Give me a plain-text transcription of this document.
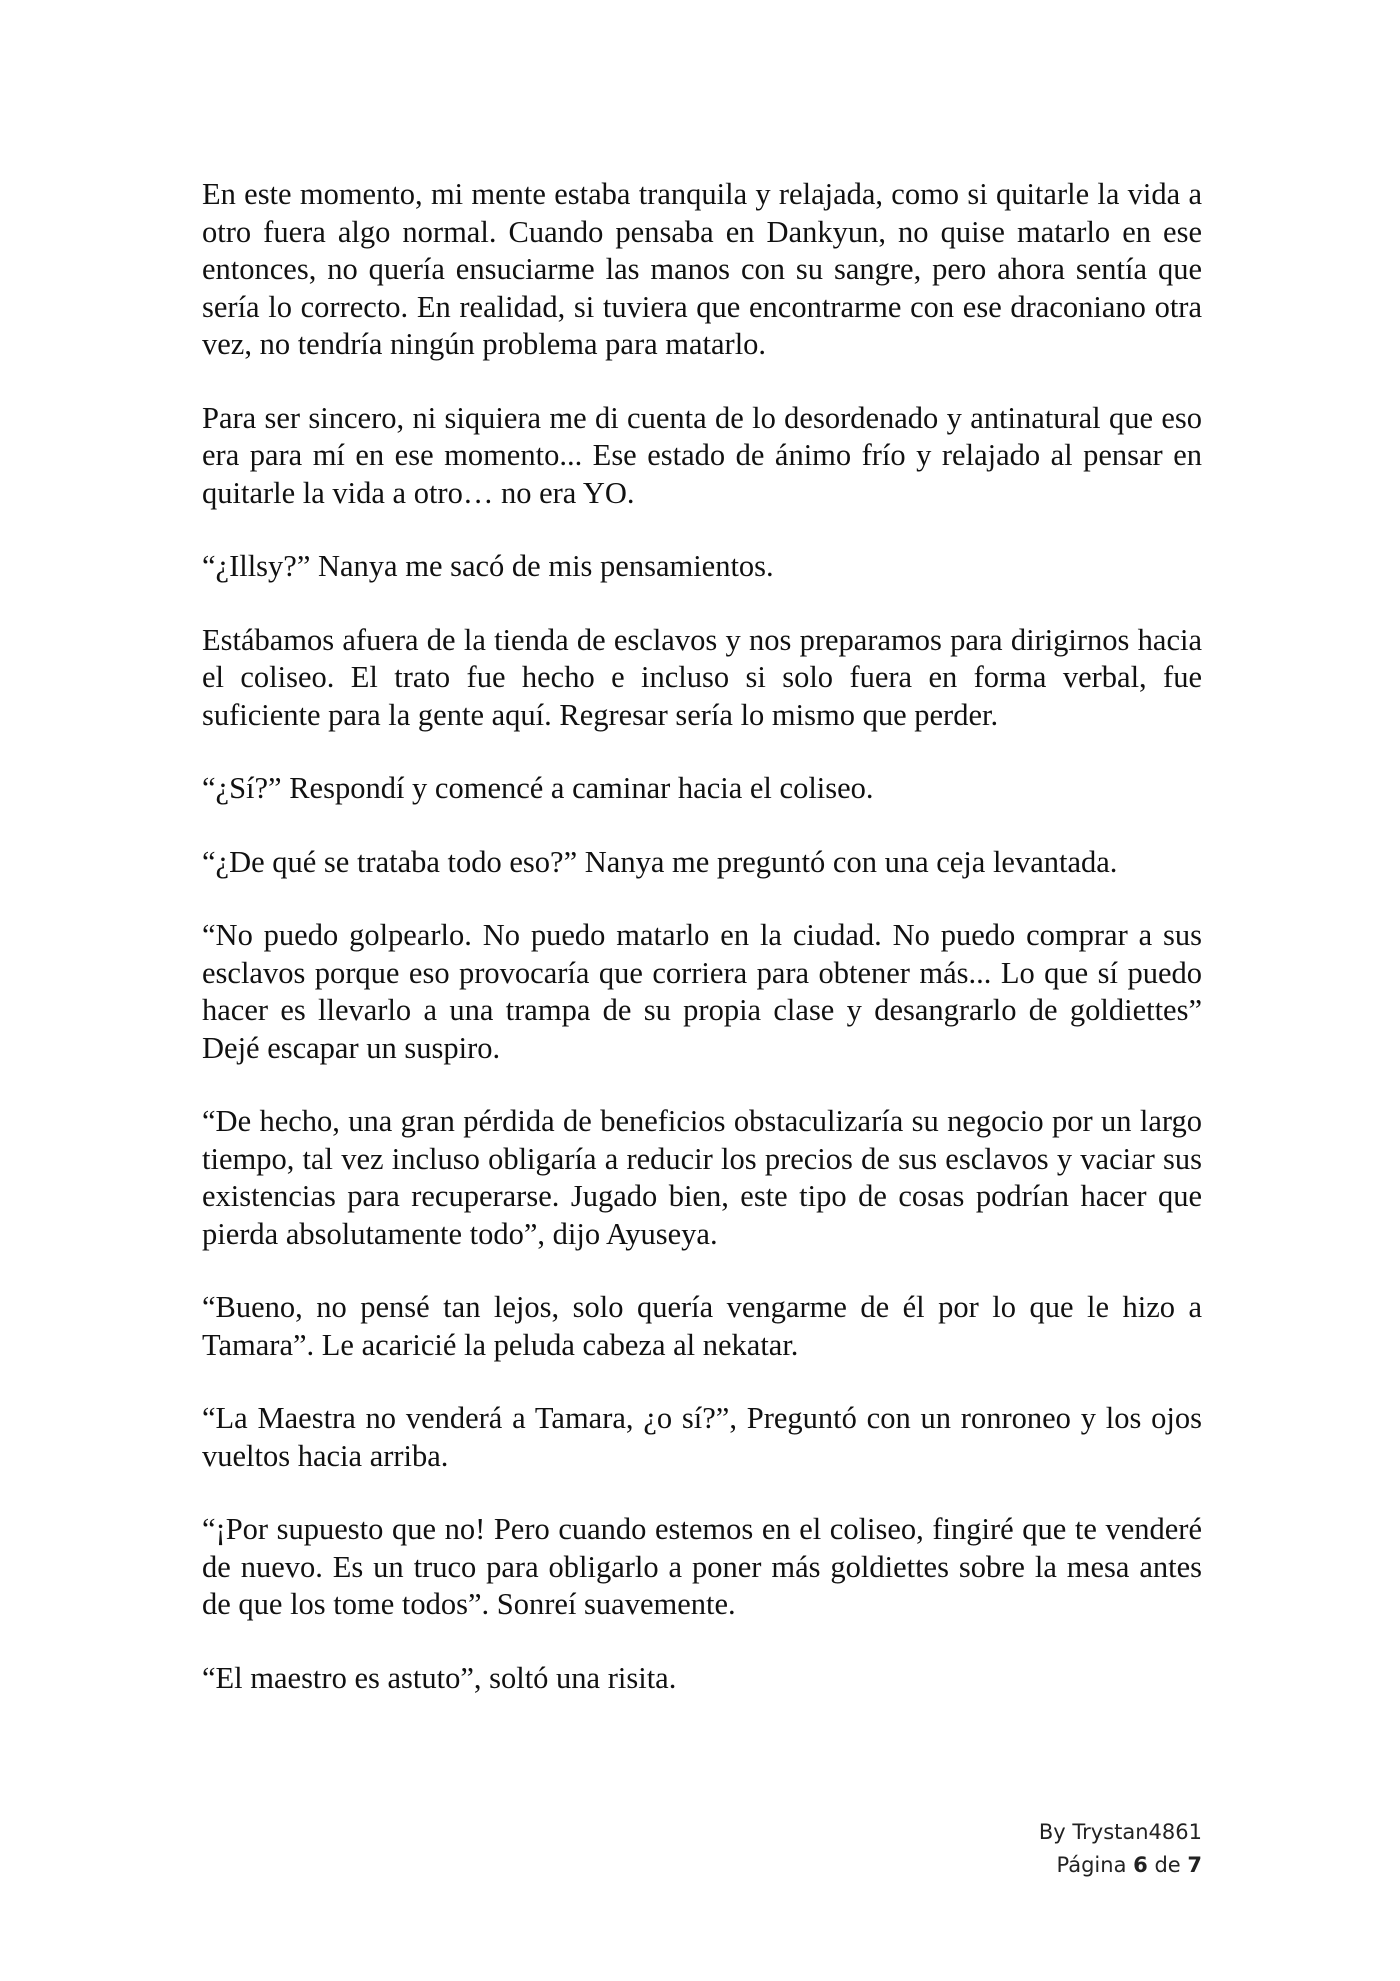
En este momento, mi mente estaba tranquila y relajada, como si quitarle la vida a otro fuera algo normal. Cuando pensaba en Dankyun, no quise matarlo en ese entonces, no quería ensuciarme las manos con su sangre, pero ahora sentía que sería lo correcto. En realidad, si tuviera que encontrarme con ese draconiano otra vez, no tendría ningún problema para matarlo.

Para ser sincero, ni siquiera me di cuenta de lo desordenado y antinatural que eso era para mí en ese momento... Ese estado de ánimo frío y relajado al pensar en quitarle la vida a otro… no era YO.

“¿Illsy?” Nanya me sacó de mis pensamientos.

Estábamos afuera de la tienda de esclavos y nos preparamos para dirigirnos hacia el coliseo. El trato fue hecho e incluso si solo fuera en forma verbal, fue suficiente para la gente aquí. Regresar sería lo mismo que perder.

“¿Sí?” Respondí y comencé a caminar hacia el coliseo.

“¿De qué se trataba todo eso?” Nanya me preguntó con una ceja levantada.

“No puedo golpearlo. No puedo matarlo en la ciudad. No puedo comprar a sus esclavos porque eso provocaría que corriera para obtener más... Lo que sí puedo hacer es llevarlo a una trampa de su propia clase y desangrarlo de goldiettes” Dejé escapar un suspiro.

“De hecho, una gran pérdida de beneficios obstaculizaría su negocio por un largo tiempo, tal vez incluso obligaría a reducir los precios de sus esclavos y vaciar sus existencias para recuperarse. Jugado bien, este tipo de cosas podrían hacer que pierda absolutamente todo”, dijo Ayuseya.

“Bueno, no pensé tan lejos, solo quería vengarme de él por lo que le hizo a Tamara”. Le acaricié la peluda cabeza al nekatar.

“La Maestra no venderá a Tamara, ¿o sí?”, Preguntó con un ronroneo y los ojos vueltos hacia arriba.

“¡Por supuesto que no! Pero cuando estemos en el coliseo, fingiré que te venderé de nuevo. Es un truco para obligarlo a poner más goldiettes sobre la mesa antes de que los tome todos”. Sonreí suavemente.

“El maestro es astuto”, soltó una risita.

By Trystan4861
Página 6 de 7
